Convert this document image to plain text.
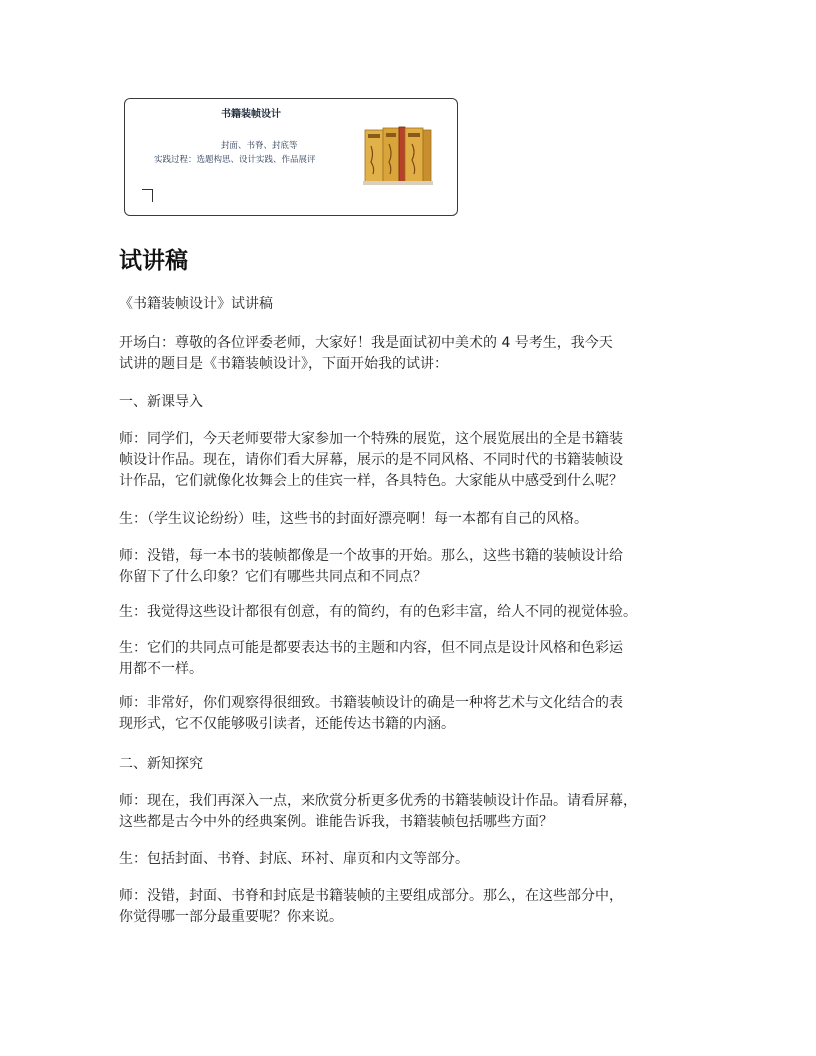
书籍装帧设计
封面、书脊、封底等
实践过程：选题构思、设计实践、作品展评
试讲稿
《书籍装帧设计》试讲稿
开场白：尊敬的各位评委老师，大家好！我是面试初中美术的 4 号考生，我今天
试讲的题目是《书籍装帧设计》，下面开始我的试讲：
一、新课导入
师：同学们，今天老师要带大家参加一个特殊的展览，这个展览展出的全是书籍装
帧设计作品。现在，请你们看大屏幕，展示的是不同风格、不同时代的书籍装帧设
计作品，它们就像化妆舞会上的佳宾一样，各具特色。大家能从中感受到什么呢？
生：（学生议论纷纷）哇，这些书的封面好漂亮啊！每一本都有自己的风格。
师：没错，每一本书的装帧都像是一个故事的开始。那么，这些书籍的装帧设计给
你留下了什么印象？它们有哪些共同点和不同点？
生：我觉得这些设计都很有创意，有的简约，有的色彩丰富，给人不同的视觉体验。
生：它们的共同点可能是都要表达书的主题和内容，但不同点是设计风格和色彩运
用都不一样。
师：非常好，你们观察得很细致。书籍装帧设计的确是一种将艺术与文化结合的表
现形式，它不仅能够吸引读者，还能传达书籍的内涵。
二、新知探究
师：现在，我们再深入一点，来欣赏分析更多优秀的书籍装帧设计作品。请看屏幕，
这些都是古今中外的经典案例。谁能告诉我，书籍装帧包括哪些方面？
生：包括封面、书脊、封底、环衬、扉页和内文等部分。
师：没错，封面、书脊和封底是书籍装帧的主要组成部分。那么，在这些部分中，
你觉得哪一部分最重要呢？你来说。
